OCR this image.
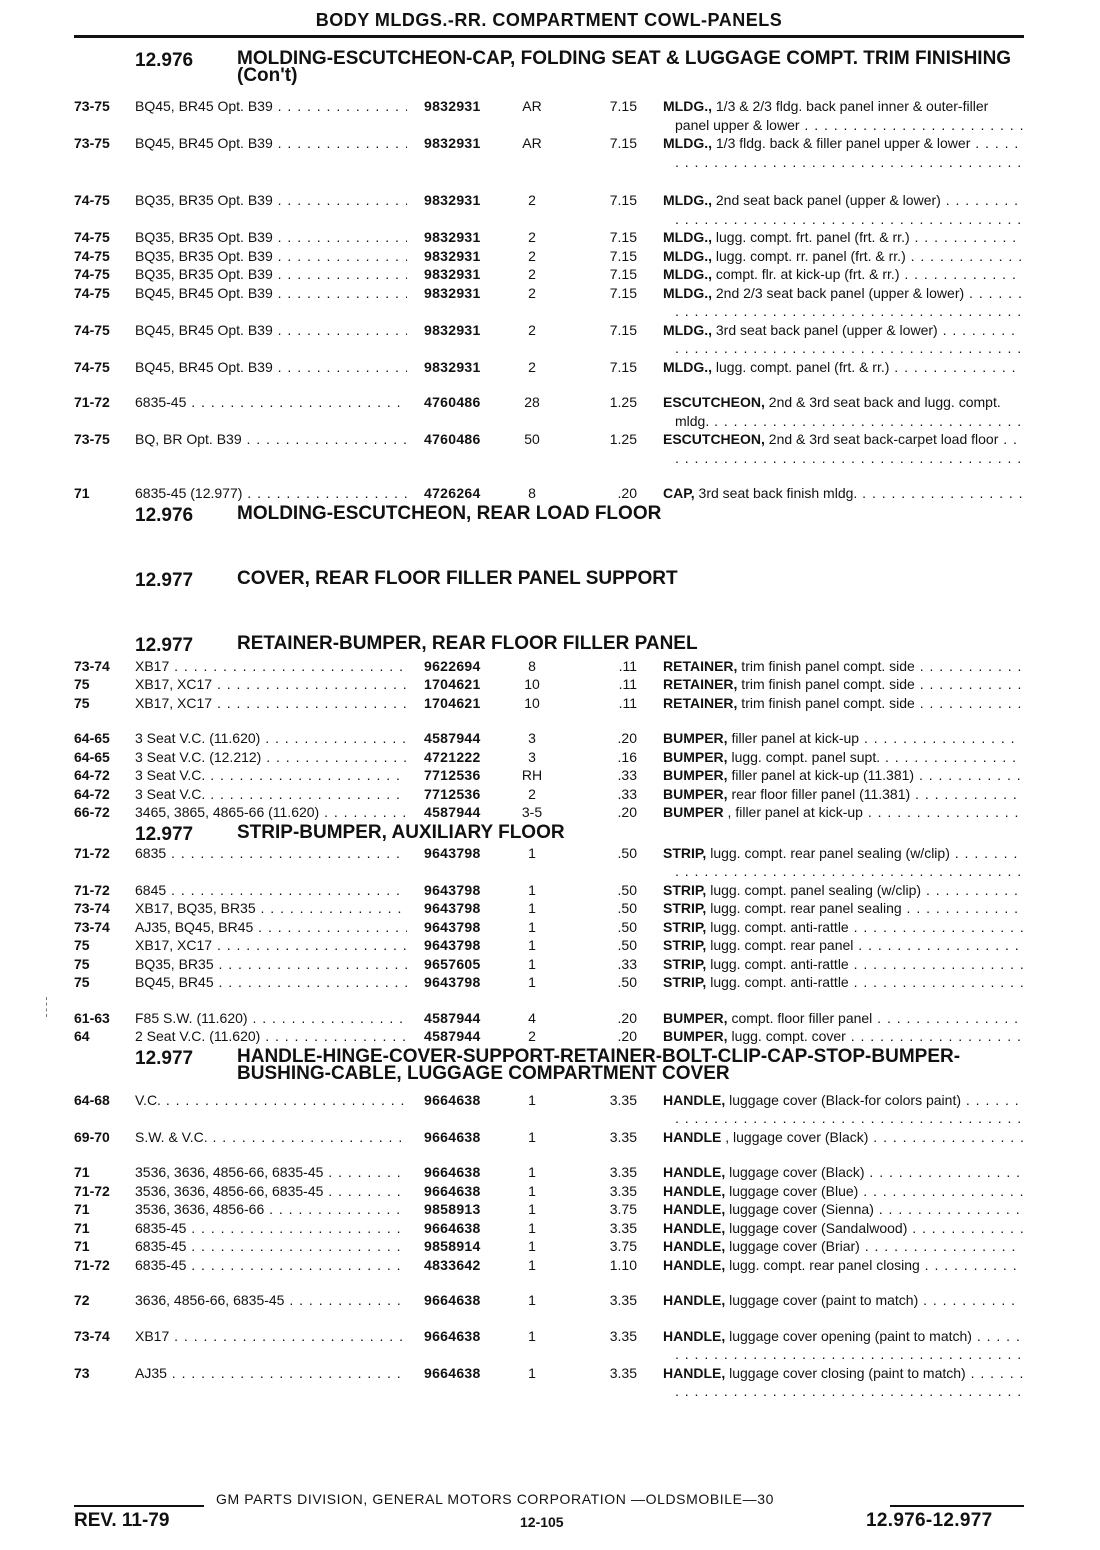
BODY MLDGS.-RR. COMPARTMENT COWL-PANELS
12.976 MOLDING-ESCUTCHEON-CAP, FOLDING SEAT & LUGGAGE COMPT. TRIM FINISHING (Con't)
73-75 BQ45, BR45 Opt. B39 . . .	9832931	AR	7.15 MLDG., 1/3 & 2/3 fldg. back panel inner & outer-filler panel upper & lower . . .
73-75 BQ45, BR45 Opt. B39 . . .	9832931	AR	7.15 MLDG., 1/3 fldg. back & filler panel upper & lower . . .
74-75 BQ35, BR35 Opt. B39 . . .	9832931	2	7.15 MLDG., 2nd seat back panel (upper & lower) . . .
74-75 BQ35, BR35 Opt. B39 . . .	9832931	2	7.15 MLDG., lugg. compt. frt. panel (frt. & rr.) . . .
74-75 BQ35, BR35 Opt. B39 . . .	9832931	2	7.15 MLDG., lugg. compt. rr. panel (frt. & rr.) . . .
74-75 BQ35, BR35 Opt. B39 . . .	9832931	2	7.15 MLDG., compt. flr. at kick-up (frt. & rr.) . . .
74-75 BQ45, BR45 Opt. B39 . . .	9832931	2	7.15 MLDG., 2nd 2/3 seat back panel (upper & lower) . . .
74-75 BQ45, BR45 Opt. B39 . . .	9832931	2	7.15 MLDG., 3rd seat back panel (upper & lower) . . .
74-75 BQ45, BR45 Opt. B39 . . .	9832931	2	7.15 MLDG., lugg. compt. panel (frt. & rr.) . . .
71-72 6835-45 . . .	4760486	28	1.25 ESCUTCHEON, 2nd & 3rd seat back and lugg. compt. mldg. . . .
73-75 BQ, BR Opt. B39 . . .	4760486	50	1.25 ESCUTCHEON, 2nd & 3rd seat back-carpet load floor . . .
71	6835-45 (12.977) . . .	4726264	8	.20 CAP, 3rd seat back finish mldg. . . .
12.976 MOLDING-ESCUTCHEON, REAR LOAD FLOOR
12.977 COVER, REAR FLOOR FILLER PANEL SUPPORT
12.977 RETAINER-BUMPER, REAR FLOOR FILLER PANEL
73-74 XB17 . . .	9622694	8	.11 RETAINER, trim finish panel compt. side . . .
75	XB17, XC17 . . .	1704621	10	.11 RETAINER, trim finish panel compt. side . . .
75	XB17, XC17 . . .	1704621	10	.11 RETAINER, trim finish panel compt. side . . .
64-65 3 Seat V.C. (11.620) . . .	4587944	3	.20 BUMPER, filler panel at kick-up . . .
64-65 3 Seat V.C. (12.212) . . .	4721222	3	.16 BUMPER, lugg. compt. panel supt. . . .
64-72 3 Seat V.C. . . .	7712536	RH	.33 BUMPER, filler panel at kick-up (11.381) . . .
64-72 3 Seat V.C. . . .	7712536	2	.33 BUMPER, rear floor filler panel (11.381) . . .
66-72 3465, 3865, 4865-66 (11.620) . . .	4587944	3-5	.20 BUMPER , filler panel at kick-up . . .
12.977 STRIP-BUMPER, AUXILIARY FLOOR
71-72 6835 . . .	9643798	1	.50 STRIP, lugg. compt. rear panel sealing (w/clip) . . .
71-72 6845 . . .	9643798	1	.50 STRIP, lugg. compt. panel sealing (w/clip) . . .
73-74 XB17, BQ35, BR35 . . .	9643798	1	.50 STRIP, lugg. compt. rear panel sealing . . .
73-74 AJ35, BQ45, BR45 . . .	9643798	1	.50 STRIP, lugg. compt. anti-rattle . . .
75	XB17, XC17 . . .	9643798	1	.50 STRIP, lugg. compt. rear panel . . .
75	BQ35, BR35 . . .	9657605	1	.33 STRIP, lugg. compt. anti-rattle . . .
75	BQ45, BR45 . . .	9643798	1	.50 STRIP, lugg. compt. anti-rattle . . .
61-63 F85 S.W. (11.620) . . .	4587944	4	.20 BUMPER, compt. floor filler panel . . .
64	2 Seat V.C. (11.620) . . .	4587944	2	.20 BUMPER, lugg. compt. cover . . .
12.977 HANDLE-HINGE-COVER-SUPPORT-RETAINER-BOLT-CLIP-CAP-STOP-BUMPER-BUSHING-CABLE, LUGGAGE COMPARTMENT COVER
64-68 V.C. . . .	9664638	1	3.35 HANDLE, luggage cover (Black-for colors paint) . . .
69-70 S.W. & V.C. . . .	9664638	1	3.35 HANDLE , luggage cover (Black) . . .
71	3536, 3636, 4856-66, 6835-45 . . .	9664638	1	3.35 HANDLE, luggage cover (Black) . . .
71-72 3536, 3636, 4856-66, 6835-45 . . .	9664638	1	3.35 HANDLE, luggage cover (Blue) . . .
71	3536, 3636, 4856-66 . . .	9858913	1	3.75 HANDLE, luggage cover (Sienna) . . .
71	6835-45 . . .	9664638	1	3.35 HANDLE, luggage cover (Sandalwood) . . .
71	6835-45 . . .	9858914	1	3.75 HANDLE, luggage cover (Briar) . . .
71-72 6835-45 . . .	4833642	1	1.10 HANDLE, lugg. compt. rear panel closing . . .
72	3636, 4856-66, 6835-45 . . .	9664638	1	3.35 HANDLE, luggage cover (paint to match) . . .
73-74 XB17 . . .	9664638	1	3.35 HANDLE, luggage cover opening (paint to match) . . .
73	AJ35 . . .	9664638	1	3.35 HANDLE, luggage cover closing (paint to match) . . .
GM PARTS DIVISION, GENERAL MOTORS CORPORATION —OLDSMOBILE—30
REV. 11-79	12-105	12.976-12.977
